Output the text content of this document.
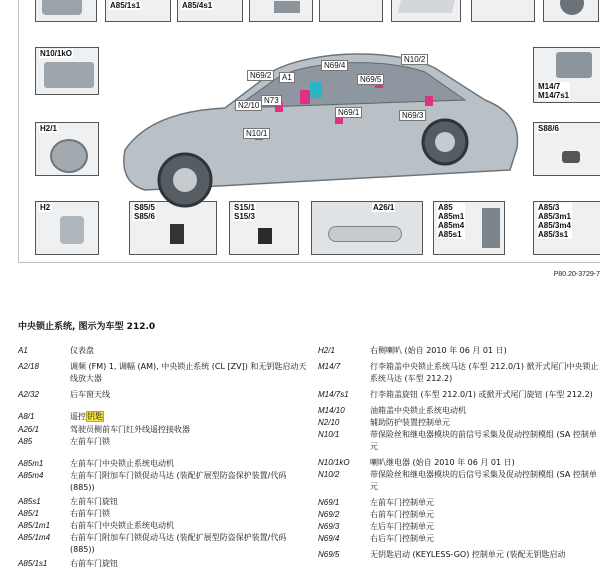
A85/1s1	A85/4s1
N10/1kO
H2/1
H2	S85/5
S85/6
S15/1
S15/3
A26/1	A85
A85m1
A85m4
A85s1
A85/3
A85/3m1
A85/3m4
A85/3s1
M14/7
M14/7s1
S88/6
A1
N69/2
N69/4
N69/5
N10/2
N73
N2/10
N69/1	N69/3
N10/1
P80.20-3729-7
中央锁止系统, 图示为车型 212.0
A1	仪表盘
A2/18	调频 (FM) 1, 调幅 (AM), 中央锁止系统 (CL [ZV]) 和无钥匙启动天线放大器
A2/32	后车窗天线
A8/1	遥控钥匙
A26/1	驾驶员侧前车门红外线遥控接收器
A85	左前车门锁
A85m1	左前车门中央锁止系统电动机
A85m4	左前车门附加车门锁促动马达 (装配扩展型防盗保护装置/代码 (885))
A85s1	左前车门旋钮
A85/1	右前车门锁
A85/1m1	右前车门中央锁止系统电动机
A85/1m4	右前车门附加车门锁促动马达 (装配扩展型防盗保护装置/代码 (885))
A85/1s1	右前车门旋钮
H2/1	右侧喇叭 (始自 2010 年 06 月 01 日)
M14/7	行李箱盖中央锁止系统马达 (车型 212.0/1) 掀开式尾门中央锁止系统马达 (车型 212.2)
M14/7s1	行李箱盖旋钮 (车型 212.0/1) 或掀开式尾门旋钮 (车型 212.2)
M14/10	油箱盖中央锁止系统电动机
N2/10	辅助防护装置控制单元
N10/1	带保险丝和继电器模块的前信号采集及促动控制模组 (SA 控制单元
N10/1kO	喇叭继电器 (始自 2010 年 06 月 01 日)
N10/2	带保险丝和继电器模块的后信号采集及促动控制模组 (SA 控制单元
N69/1	左前车门控制单元
N69/2	右前车门控制单元
N69/3	左后车门控制单元
N69/4	右后车门控制单元
N69/5	无钥匙启动 (KEYLESS-GO) 控制单元 (装配无钥匙启动
